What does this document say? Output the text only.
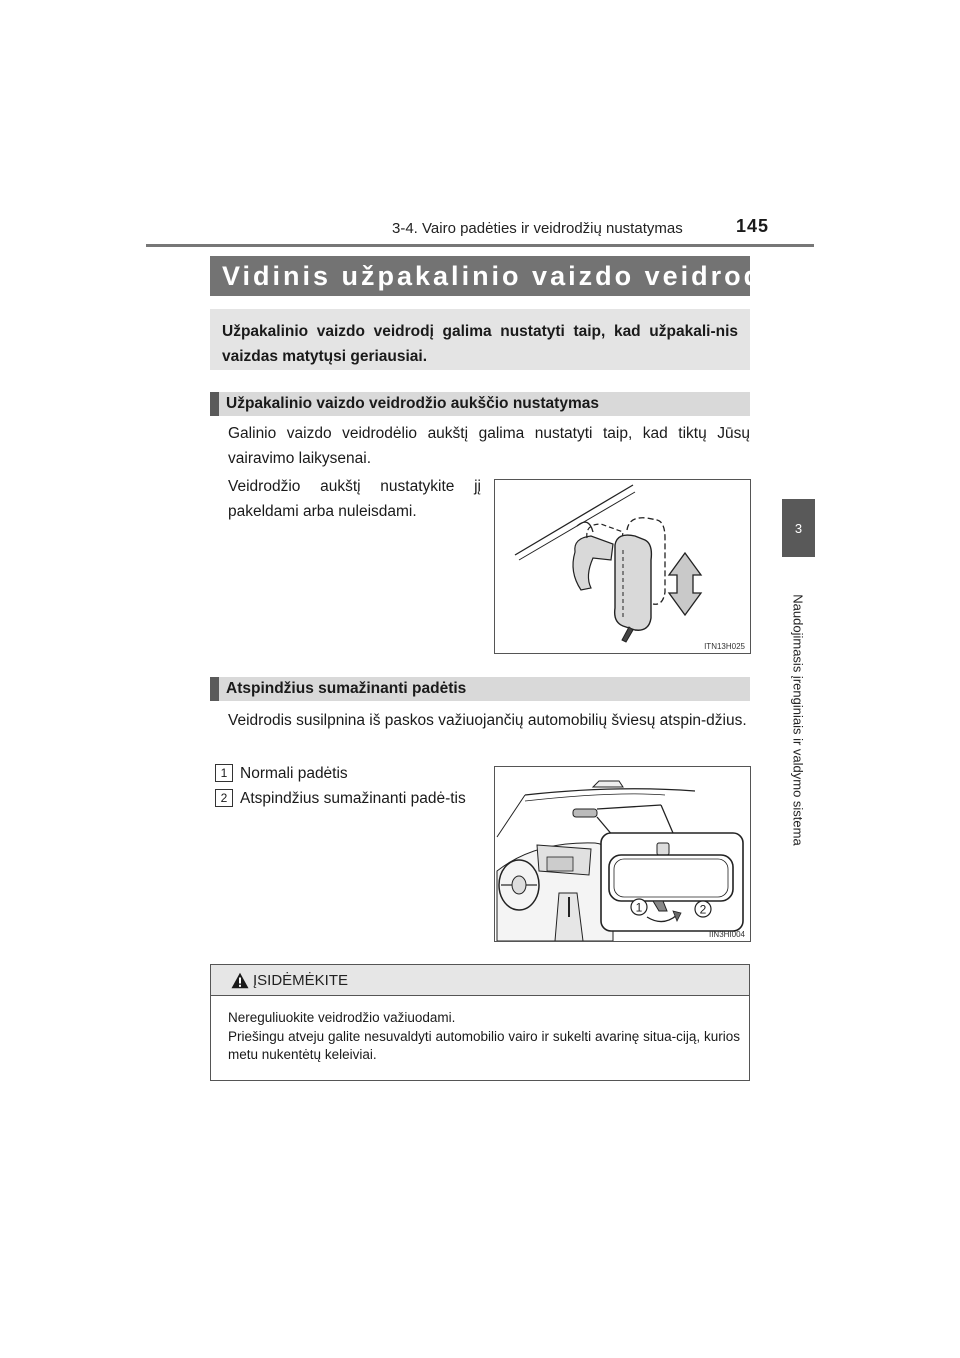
3-4. Vairo padėties ir veidrodžių nustatymas	145
3
Naudojimasis įrenginiais ir valdymo sistema
Vidinis užpakalinio vaizdo veidrodis
Užpakalinio vaizdo veidrodį galima nustatyti taip, kad užpakali-nis vaizdas matytųsi geriausiai.
Užpakalinio vaizdo veidrodžio aukščio nustatymas
Galinio vaizdo veidrodėlio aukštį galima nustatyti taip, kad tiktų Jūsų vairavimo laikysenai.
Veidrodžio aukštį nustatykite jį pakeldami arba nuleisdami.
ITN13H025
Atspindžius sumažinanti padėtis
Veidrodis susilpnina iš paskos važiuojančių automobilių šviesų atspin-džius.
1 Normali padėtis
2 Atspindžius sumažinanti padė-tis
1	2
IIN3HI004
ĮSIDĖMĖKITE
Nereguliuokite veidrodžio važiuodami.
Priešingu atveju galite nesuvaldyti automobilio vairo ir sukelti avarinę situa-ciją, kurios metu nukentėtų keleiviai.
